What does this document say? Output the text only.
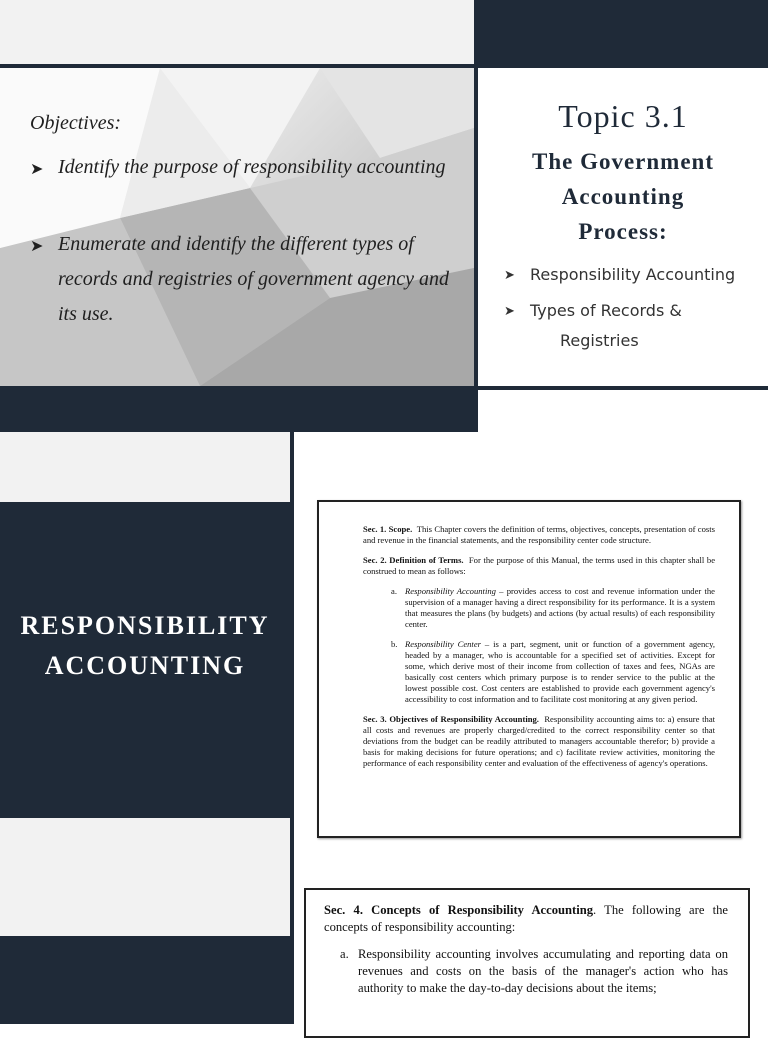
Objectives:
➤ Identify the purpose of responsibility accounting
➤ Enumerate and identify the different types of records and registries of government agency and its use.
Topic 3.1
The Government
Accounting
Process:
➤ Responsibility Accounting
➤ Types of Records &
Registries
RESPONSIBILITY
ACCOUNTING

Sec. 1. Scope. This Chapter covers the definition of terms, objectives, concepts, presentation of costs and revenue in the financial statements, and the responsibility center code structure.

Sec. 2. Definition of Terms. For the purpose of this Manual, the terms used in this chapter shall be construed to mean as follows:

a. Responsibility Accounting – provides access to cost and revenue information under the supervision of a manager having a direct responsibility for its performance. It is a system that measures the plans (by budgets) and actions (by actual results) of each responsibility center.

b. Responsibility Center – is a part, segment, unit or function of a government agency, headed by a manager, who is accountable for a specified set of activities. Except for some, which derive most of their income from collection of taxes and fees, NGAs are basically cost centers which primary purpose is to render service to the public at the lowest possible cost. Cost centers are established to provide each government agency's accessibility to cost information and to facilitate cost monitoring at any given period.

Sec. 3. Objectives of Responsibility Accounting. Responsibility accounting aims to: a) ensure that all costs and revenues are properly charged/credited to the correct responsibility center so that deviations from the budget can be readily attributed to managers accountable therefor; b) provide a basis for making decisions for future operations; and c) facilitate review activities, monitoring the performance of each responsibility center and evaluation of the effectiveness of agency's operations.

Sec. 4. Concepts of Responsibility Accounting. The following are the concepts of responsibility accounting:

a. Responsibility accounting involves accumulating and reporting data on revenues and costs on the basis of the manager's action who has authority to make the day-to-day decisions about the items;
